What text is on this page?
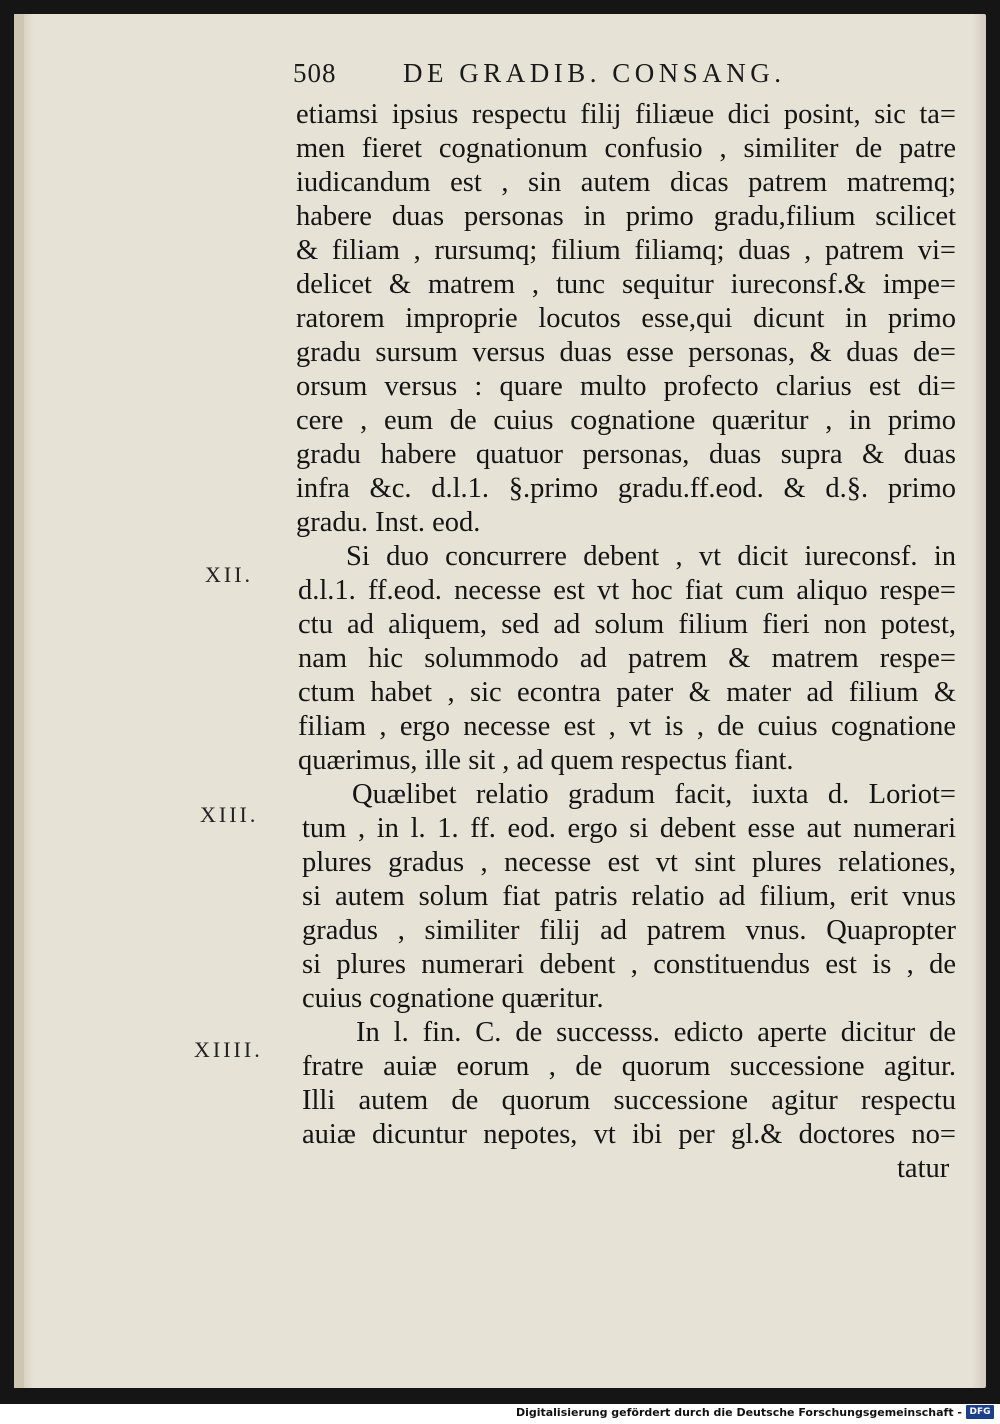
508	DE GRADIB. CONSANG.
XII.
XIII.
XIIII.
etiamsi ipsius respectu filij filiæue dici posint, sic ta=
men fieret cognationum confusio , similiter de patre
iudicandum est , sin autem dicas patrem matremq;
habere duas personas in primo gradu,filium scilicet
& filiam , rursumq; filium filiamq; duas , patrem vi=
delicet & matrem , tunc sequitur iureconsf.& impe=
ratorem improprie locutos esse,qui dicunt in primo
gradu sursum versus duas esse personas, & duas de=
orsum versus : quare multo profecto clarius est di=
cere , eum de cuius cognatione quæritur , in primo
gradu habere quatuor personas, duas supra & duas
infra &c. d.l.1. §.primo gradu.ff.eod. & d.§. primo
gradu. Inst. eod.
Si duo concurrere debent , vt dicit iureconsf. in
d.l.1. ff.eod. necesse est vt hoc fiat cum aliquo respe=
ctu ad aliquem, sed ad solum filium fieri non potest,
nam hic solummodo ad patrem & matrem respe=
ctum habet , sic econtra pater & mater ad filium &
filiam , ergo necesse est , vt is , de cuius cognatione
quærimus, ille sit , ad quem respectus fiant.
Quælibet relatio gradum facit, iuxta d. Loriot=
tum , in l. 1. ff. eod. ergo si debent esse aut numerari
plures gradus , necesse est vt sint plures relationes,
si autem solum fiat patris relatio ad filium, erit vnus
gradus , similiter filij ad patrem vnus. Quapropter
si plures numerari debent , constituendus est is , de
cuius cognatione quæritur.
In l. fin. C. de successs. edicto aperte dicitur de
fratre auiæ eorum , de quorum successione agitur.
Illi autem de quorum successione agitur respectu
auiæ dicuntur nepotes, vt ibi per gl.& doctores no=
tatur
Digitalisierung gefördert durch die Deutsche Forschungsgemeinschaft - DFG
